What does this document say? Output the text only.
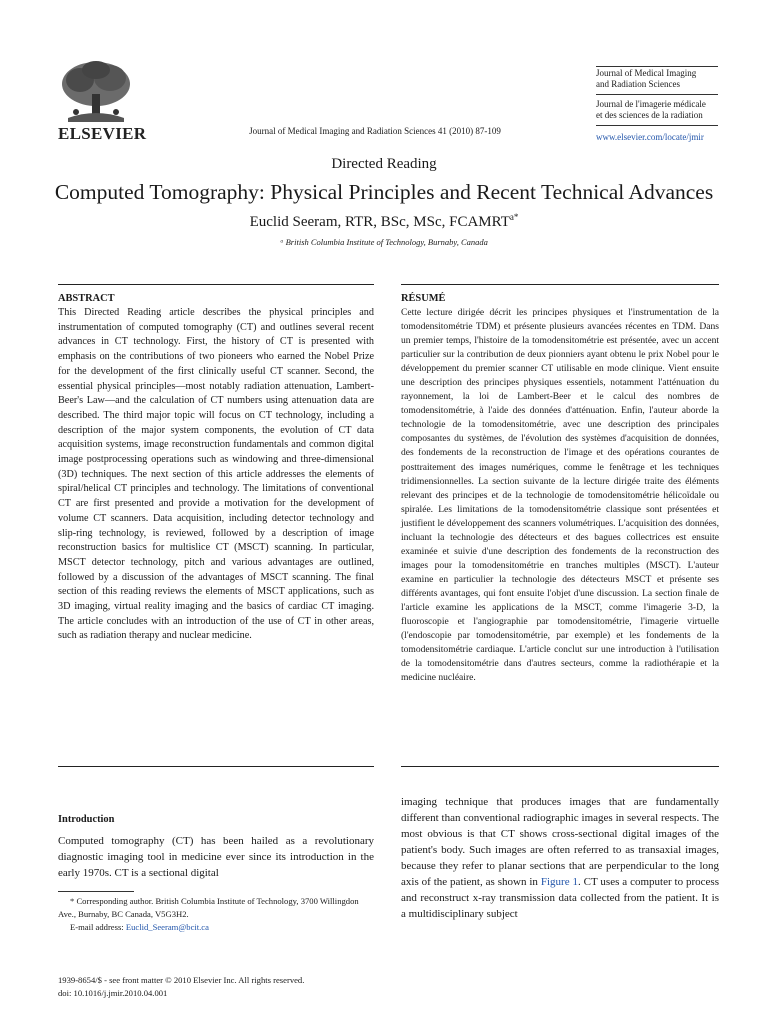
ELSEVIER	Journal of Medical Imaging and Radiation Sciences 41 (2010) 87-109
Journal of Medical Imaging
and Radiation Sciences
Journal de l'imagerie médicale
et des sciences de la radiation
www.elsevier.com/locate/jmir
Directed Reading
Computed Tomography: Physical Principles and Recent Technical Advances
Euclid Seeram, RTR, BSc, MSc, $FCAMRT^{a*}$
ᵃ British Columbia Institute of Technology, Burnaby, Canada
ABSTRACT
This Directed Reading article describes the physical principles and instrumentation of computed tomography (CT) and outlines several recent advances in CT technology. First, the history of CT is presented with emphasis on the contributions of two pioneers who earned the Nobel Prize for the development of the first clinically useful CT scanner. Second, the essential physical principles—most notably radiation attenuation, Lambert-Beer's Law—and the calculation of CT numbers using attenuation data are described. The third major topic will focus on CT technology, including a description of the major system components, the evolution of CT data acquisition systems, image reconstruction fundamentals and common digital image postprocessing operations such as windowing and three-dimensional (3D) techniques. The next section of this article addresses the elements of spiral/helical CT principles and technology. The limitations of conventional CT are first presented and provide a motivation for the development of volume CT scanners. Data acquisition, including detector technology and slip-ring technology, is reviewed, followed by a description of image reconstruction basics for multislice CT (MSCT) scanning. In particular, MSCT detector technology, pitch and various advantages are outlined, followed by a discussion of the advantages of MSCT scanning. The final section of this reading reviews the elements of MSCT applications, such as 3D imaging, virtual reality imaging and the basics of cardiac CT imaging. The article concludes with an introduction of the use of CT in other areas, such as radiation therapy and nuclear medicine.
RÉSUMÉ
Cette lecture dirigée décrit les principes physiques et l'instrumentation de la tomodensitométrie TDM) et présente plusieurs avancées récentes en TDM. Dans un premier temps, l'histoire de la tomodensitométrie est présentée, avec un accent particulier sur la contribution de deux pionniers ayant obtenu le prix Nobel pour le développement du premier scanner CT utilisable en mode clinique. Vient ensuite une description des principes physiques essentiels, notamment l'atténuation du rayonnement, la loi de Lambert-Beer et le calcul des nombres de tomodensitométrie, à l'aide des données d'atténuation. Enfin, l'auteur aborde la technologie de la tomodensitométrie, avec une description des principales composantes du systèmes, de l'évolution des systèmes d'acquisition de données, des fondements de la reconstruction de l'image et des opérations courantes de posttraitement des images numériques, comme le fenêtrage et les techniques tridimensionnelles. La section suivante de la lecture dirigée traite des éléments relevant des principes et de la technologie de tomodensitométrie hélicoïdale ou spiralée. Les limitations de la tomodensitométrie classique sont présentées et justifient le développement des scanners volumétriques. L'acquisition des données, incluant la technologie des détecteurs et des bagues collectrices est ensuite examinée et suivie d'une description des fondements de la reconstruction des images pour la tomodensitométrie en tranches multiples (MSCT). L'auteur examine en particulier la technologie des détecteurs MSCT et présente ses différents avantages, qui font ensuite l'objet d'une discussion. La section finale de l'article examine les applications de la MSCT, comme l'imagerie 3-D, la fluoroscopie et l'angiographie par tomodensitométrie, l'imagerie virtuelle (l'endoscopie par tomodensitométrie, par exemple) et les fondements de la tomodensitométrie cardiaque. L'article conclut sur une introduction à l'utilisation de la tomodensitométrie dans d'autres secteurs, comme la radiothérapie et la medicine nucléaire.
Introduction
Computed tomography (CT) has been hailed as a revolutionary diagnostic imaging tool in medicine ever since its introduction in the early 1970s. CT is a sectional digital
* Corresponding author. British Columbia Institute of Technology, 3700 Willingdon Ave., Burnaby, BC Canada, V5G3H2.
E-mail address: Euclid_Seeram@bcit.ca
1939-8654/$ - see front matter © 2010 Elsevier Inc. All rights reserved.
doi: 10.1016/j.jmir.2010.04.001
imaging technique that produces images that are fundamentally different than conventional radiographic images in several respects. The most obvious is that CT shows cross-sectional digital images of the patient's body. Such images are often referred to as transaxial images, because they refer to planar sections that are perpendicular to the long axis of the patient, as shown in Figure 1. CT uses a computer to process and reconstruct x-ray transmission data collected from the patient. It is a multidisciplinary subject
